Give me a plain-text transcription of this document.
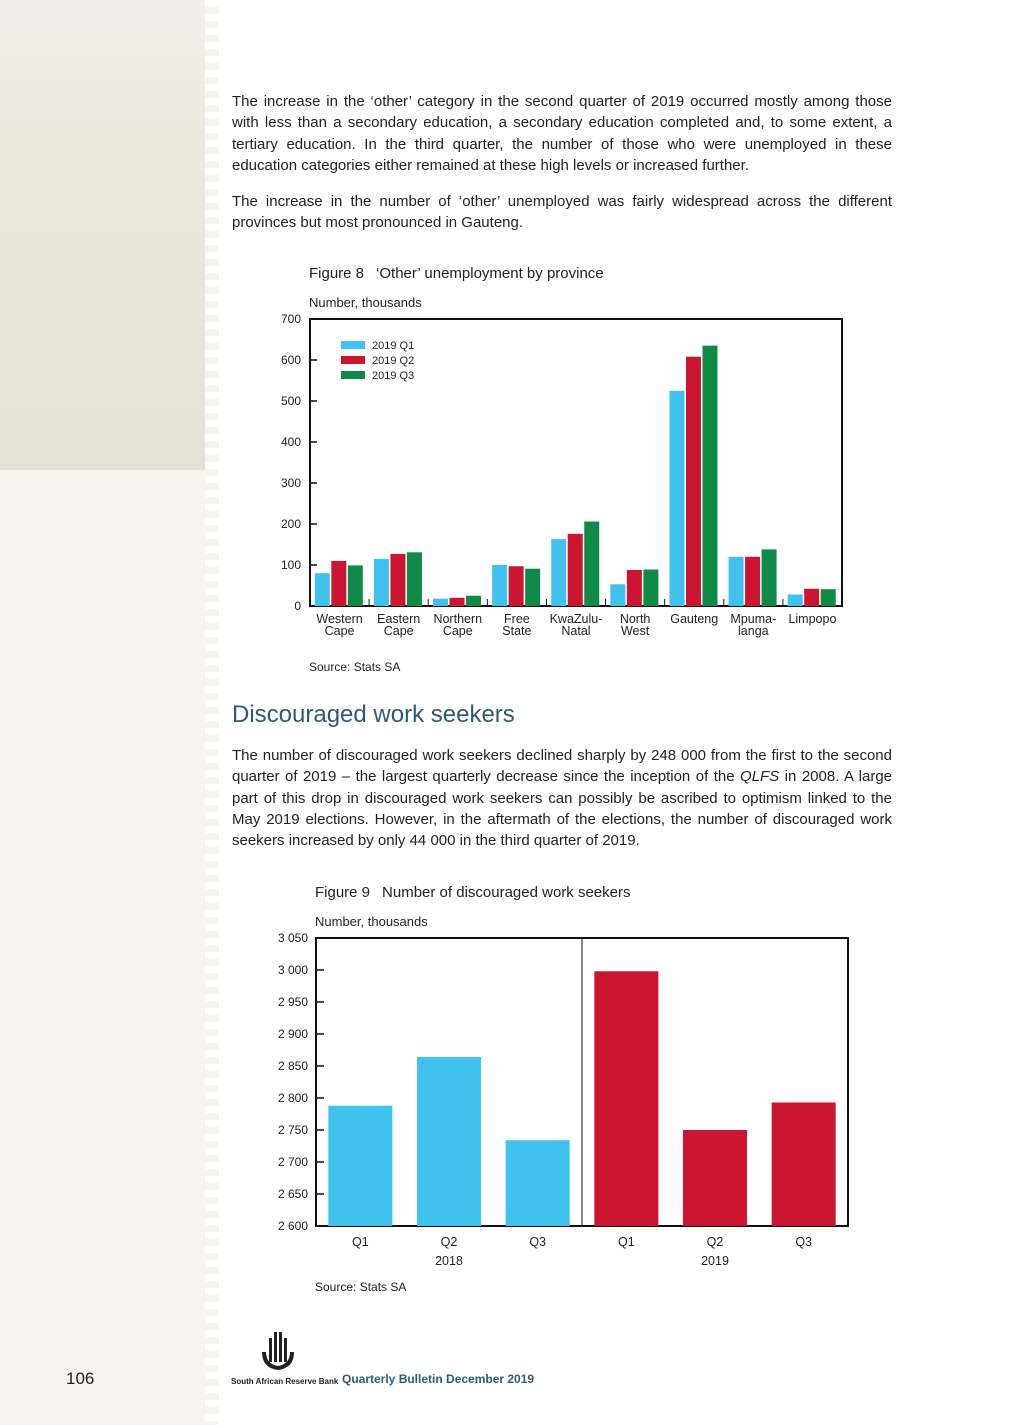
The increase in the ‘other’ category in the second quarter of 2019 occurred mostly among those with less than a secondary education, a secondary education completed and, to some extent, a tertiary education. In the third quarter, the number of those who were unemployed in these education categories either remained at these high levels or increased further.

The increase in the number of ‘other’ unemployed was fairly widespread across the different provinces but most pronounced in Gauteng.

Figure 8 ‘Other’ unemployment by province
Number, thousands
0
100
200
300
400
500
600
700
Western
Cape
Eastern
Cape
Northern
Cape
Free
State
KwaZulu-
Natal
North
West
Gauteng Mpuma-
langa
Limpopo
2019 Q1
2019 Q2
2019 Q3
Source: Stats SA
Discouraged work seekers

The number of discouraged work seekers declined sharply by 248 000 from the first to the second quarter of 2019 – the largest quarterly decrease since the inception of the QLFS in 2008. A large part of this drop in discouraged work seekers can possibly be ascribed to optimism linked to the May 2019 elections. However, in the aftermath of the elections, the number of discouraged work seekers increased by only 44 000 in the third quarter of 2019.

Figure 9 Number of discouraged work seekers
Number, thousands
2 600
2 650
2 700
2 750
2 800
2 850
2 900
2 950
3 000
3 050
Q1	Q2	Q3	Q1	Q2	Q3
2018	2019
Source: Stats SA
South African Reserve Bank Quarterly Bulletin December 2019
106
